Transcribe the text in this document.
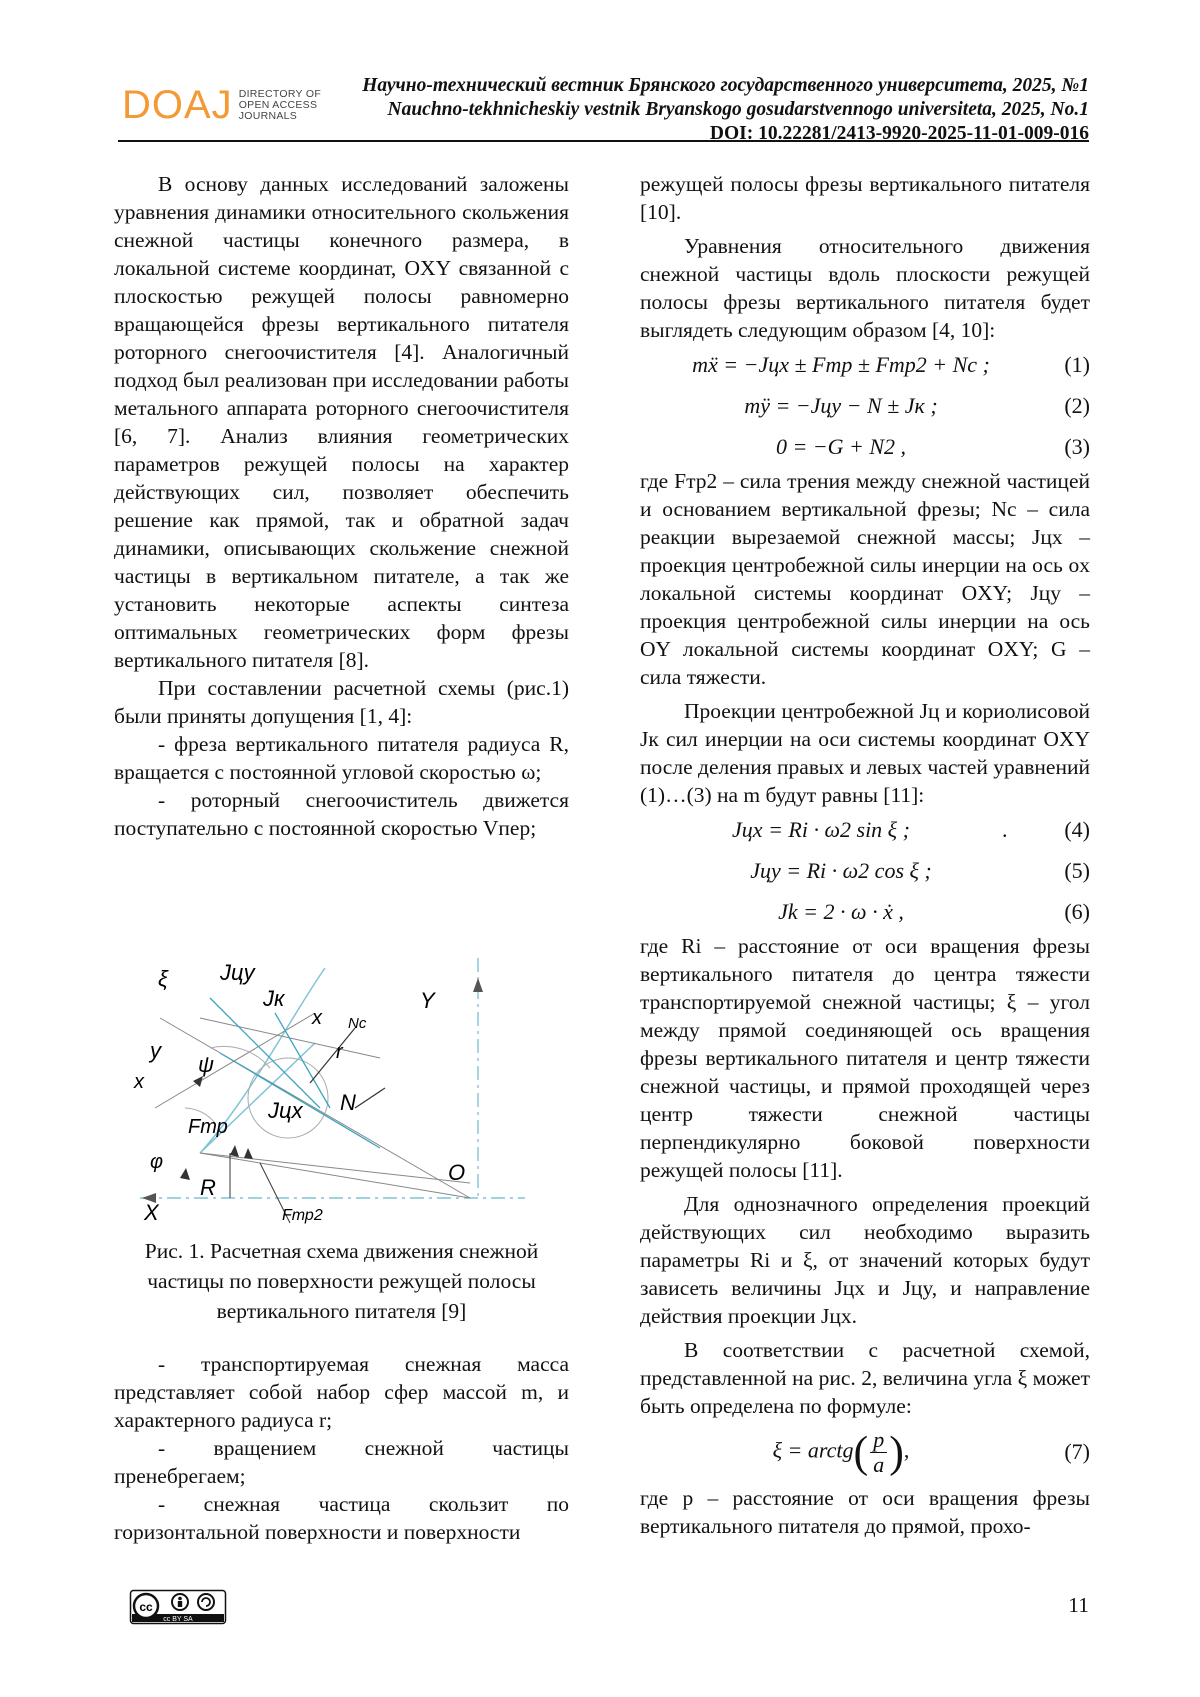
DOAJ DIRECTORY OF
OPEN ACCESS
JOURNALS
Научно-технический вестник Брянского государственного университета, 2025, №1
Nauchno-tekhnicheskiy vestnik Bryanskogo gosudarstvennogo universiteta, 2025, No.1
DOI: 10.22281/2413-9920-2025-11-01-009-016

В основу данных исследований заложены уравнения динамики относительного скольжения снежной частицы конечного размера, в локальной системе координат, OXY связанной с плоскостью режущей полосы равномерно вращающейся фрезы вертикального питателя роторного снегоочистителя [4]. Аналогичный подход был реализован при исследовании работы метального аппарата роторного снегоочистителя [6, 7]. Анализ влияния геометрических параметров режущей полосы на характер действующих сил, позволяет обеспечить решение как прямой, так и обратной задач динамики, описывающих скольжение снежной частицы в вертикальном питателе, а так же установить некоторые аспекты синтеза оптимальных геометрических форм фрезы вертикального питателя [8].

При составлении расчетной схемы (рис.1) были приняты допущения [1, 4]:

- фреза вертикального питателя радиуса R, вращается с постоянной угловой скоростью ω;

- роторный снегоочиститель движется поступательно с постоянной скоростью Vпер;

ξ Jцy
Jк
x Nc
Y
y
ψ	r
x
Jцx N
Fтр
φ	O
X
R
Fтр2
Рис. 1. Расчетная схема движения снежной частицы по поверхности режущей полосы вертикального питателя [9]

- транспортируемая снежная масса представляет собой набор сфер массой m, и характерного радиуса r;

- вращением снежной частицы пренебрегаем;

- снежная частица скользит по горизонтальной поверхности и поверхности

режущей полосы фрезы вертикального питателя [10].

Уравнения относительного движения снежной частицы вдоль плоскости режущей полосы фрезы вертикального питателя будет выглядеть следующим образом [4, 10]:

mẍ = −Jцx ± Fтр ± Fтр2 + Nc ;	(1)
mÿ = −Jцy − N ± Jк ;	(2)
0 = −G + N2 ,	(3)

где Fтр2 – сила трения между снежной частицей и основанием вертикальной фрезы; Nc – сила реакции вырезаемой снежной массы; Jцx – проекция центробежной силы инерции на ось ox локальной системы координат OXY; Jцy – проекция центробежной силы инерции на ось OY локальной системы координат OXY; G – сила тяжести.

Проекции центробежной Jц и кориолисовой Jк сил инерции на оси системы координат OXY после деления правых и левых частей уравнений (1)…(3) на m будут равны [11]:

Jцx = Ri · ω2 sin ξ ;	.	(4)
Jцy = Ri · ω2 cos ξ ;	(5)
Jk = 2 · ω · ẋ ,	(6)

где Ri – расстояние от оси вращения фрезы вертикального питателя до центра тяжести транспортируемой снежной частицы; ξ – угол между прямой соединяющей ось вращения фрезы вертикального питателя и центр тяжести снежной частицы, и прямой проходящей через центр тяжести снежной частицы перпендикулярно боковой поверхности режущей полосы [11].

Для однозначного определения проекций действующих сил необходимо выразить параметры Ri и ξ, от значений которых будут зависеть величины Jцx и Jцy, и направление действия проекции Jцx.

В соответствии с расчетной схемой, представленной на рис. 2, величина угла ξ может быть определена по формуле:

ξ = arctg( $\frac{p}{a}$ ),	(7)

где p – расстояние от оси вращения фрезы вертикального питателя до прямой, прохо-

cc
cc BY SA
11
